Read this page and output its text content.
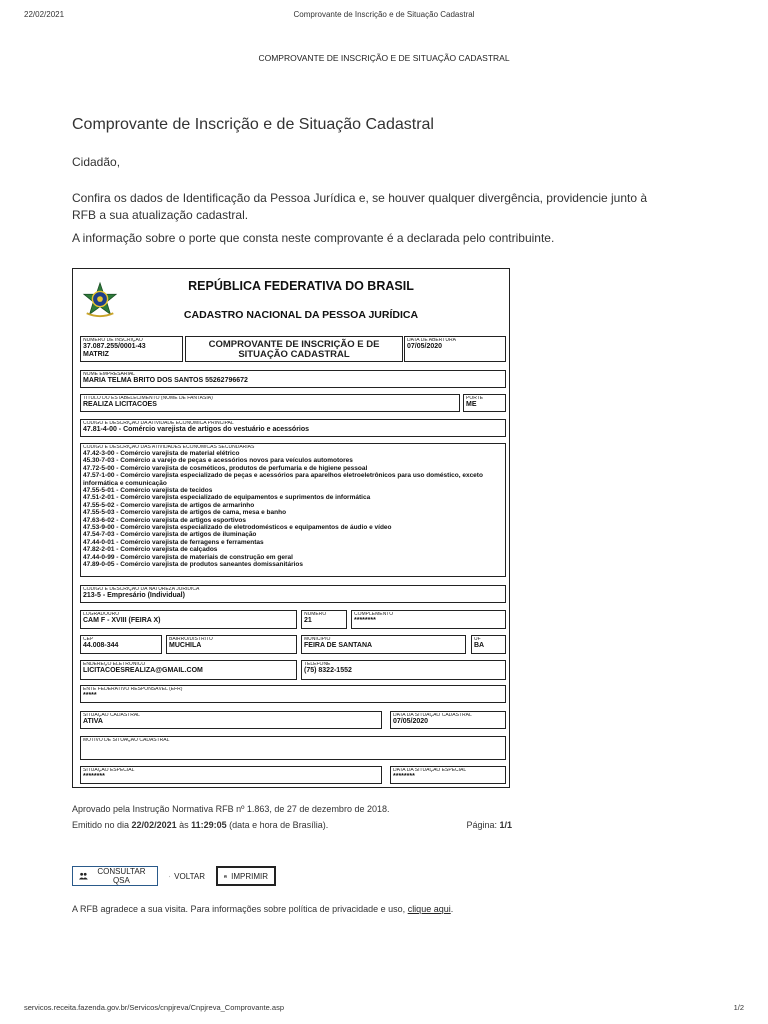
22/02/2021	Comprovante de Inscrição e de Situação Cadastral
COMPROVANTE DE INSCRIÇÃO E DE SITUAÇÃO CADASTRAL
Comprovante de Inscrição e de Situação Cadastral
Cidadão,
Confira os dados de Identificação da Pessoa Jurídica e, se houver qualquer divergência, providencie junto à RFB a sua atualização cadastral.
A informação sobre o porte que consta neste comprovante é a declarada pelo contribuinte.
REPÚBLICA FEDERATIVA DO BRASIL
CADASTRO NACIONAL DA PESSOA JURÍDICA
NÚMERO DE INSCRIÇÃO
37.087.255/0001-43
MATRIZ
COMPROVANTE DE INSCRIÇÃO E DE SITUAÇÃO CADASTRAL
DATA DE ABERTURA
07/05/2020
NOME EMPRESARIAL
MARIA TELMA BRITO DOS SANTOS 55262796672
TÍTULO DO ESTABELECIMENTO (NOME DE FANTASIA)
REALIZA LICITACOES
PORTE
ME
CÓDIGO E DESCRIÇÃO DA ATIVIDADE ECONÔMICA PRINCIPAL
47.81-4-00 - Comércio varejista de artigos do vestuário e acessórios
CÓDIGO E DESCRIÇÃO DAS ATIVIDADES ECONÔMICAS SECUNDÁRIAS
47.42-3-00 - Comércio varejista de material elétrico
45.30-7-03 - Comércio a varejo de peças e acessórios novos para veículos automotores
47.72-5-00 - Comércio varejista de cosméticos, produtos de perfumaria e de higiene pessoal
47.57-1-00 - Comércio varejista especializado de peças e acessórios para aparelhos eletroeletrônicos para uso doméstico, exceto informática e comunicação
47.55-5-01 - Comércio varejista de tecidos
47.51-2-01 - Comércio varejista especializado de equipamentos e suprimentos de informática
47.55-5-02 - Comercio varejista de artigos de armarinho
47.55-5-03 - Comercio varejista de artigos de cama, mesa e banho
47.63-6-02 - Comércio varejista de artigos esportivos
47.53-9-00 - Comércio varejista especializado de eletrodomésticos e equipamentos de áudio e vídeo
47.54-7-03 - Comércio varejista de artigos de iluminação
47.44-0-01 - Comércio varejista de ferragens e ferramentas
47.82-2-01 - Comércio varejista de calçados
47.44-0-99 - Comércio varejista de materiais de construção em geral
47.89-0-05 - Comércio varejista de produtos saneantes domissanitários
CÓDIGO E DESCRIÇÃO DA NATUREZA JURÍDICA
213-5 - Empresário (Individual)
LOGRADOURO
CAM F - XVIII (FEIRA X)
NÚMERO
21
COMPLEMENTO
********
CEP
44.008-344
BAIRRO/DISTRITO
MUCHILA
MUNICÍPIO
FEIRA DE SANTANA
UF
BA
ENDEREÇO ELETRÔNICO
LICITACOESREALIZA@GMAIL.COM
TELEFONE
(75) 8322-1552
ENTE FEDERATIVO RESPONSÁVEL (EFR)
*****
SITUAÇÃO CADASTRAL
ATIVA
DATA DA SITUAÇÃO CADASTRAL
07/05/2020
MOTIVO DE SITUAÇÃO CADASTRAL
SITUAÇÃO ESPECIAL
********
DATA DA SITUAÇÃO ESPECIAL
********
Aprovado pela Instrução Normativa RFB nº 1.863, de 27 de dezembro de 2018.
Emitido no dia 22/02/2021 às 11:29:05 (data e hora de Brasília).	Página: 1/1
CONSULTAR QSA	VOLTAR	IMPRIMIR
A RFB agradece a sua visita. Para informações sobre política de privacidade e uso, clique aqui.
servicos.receita.fazenda.gov.br/Servicos/cnpjreva/Cnpjreva_Comprovante.asp	1/2
